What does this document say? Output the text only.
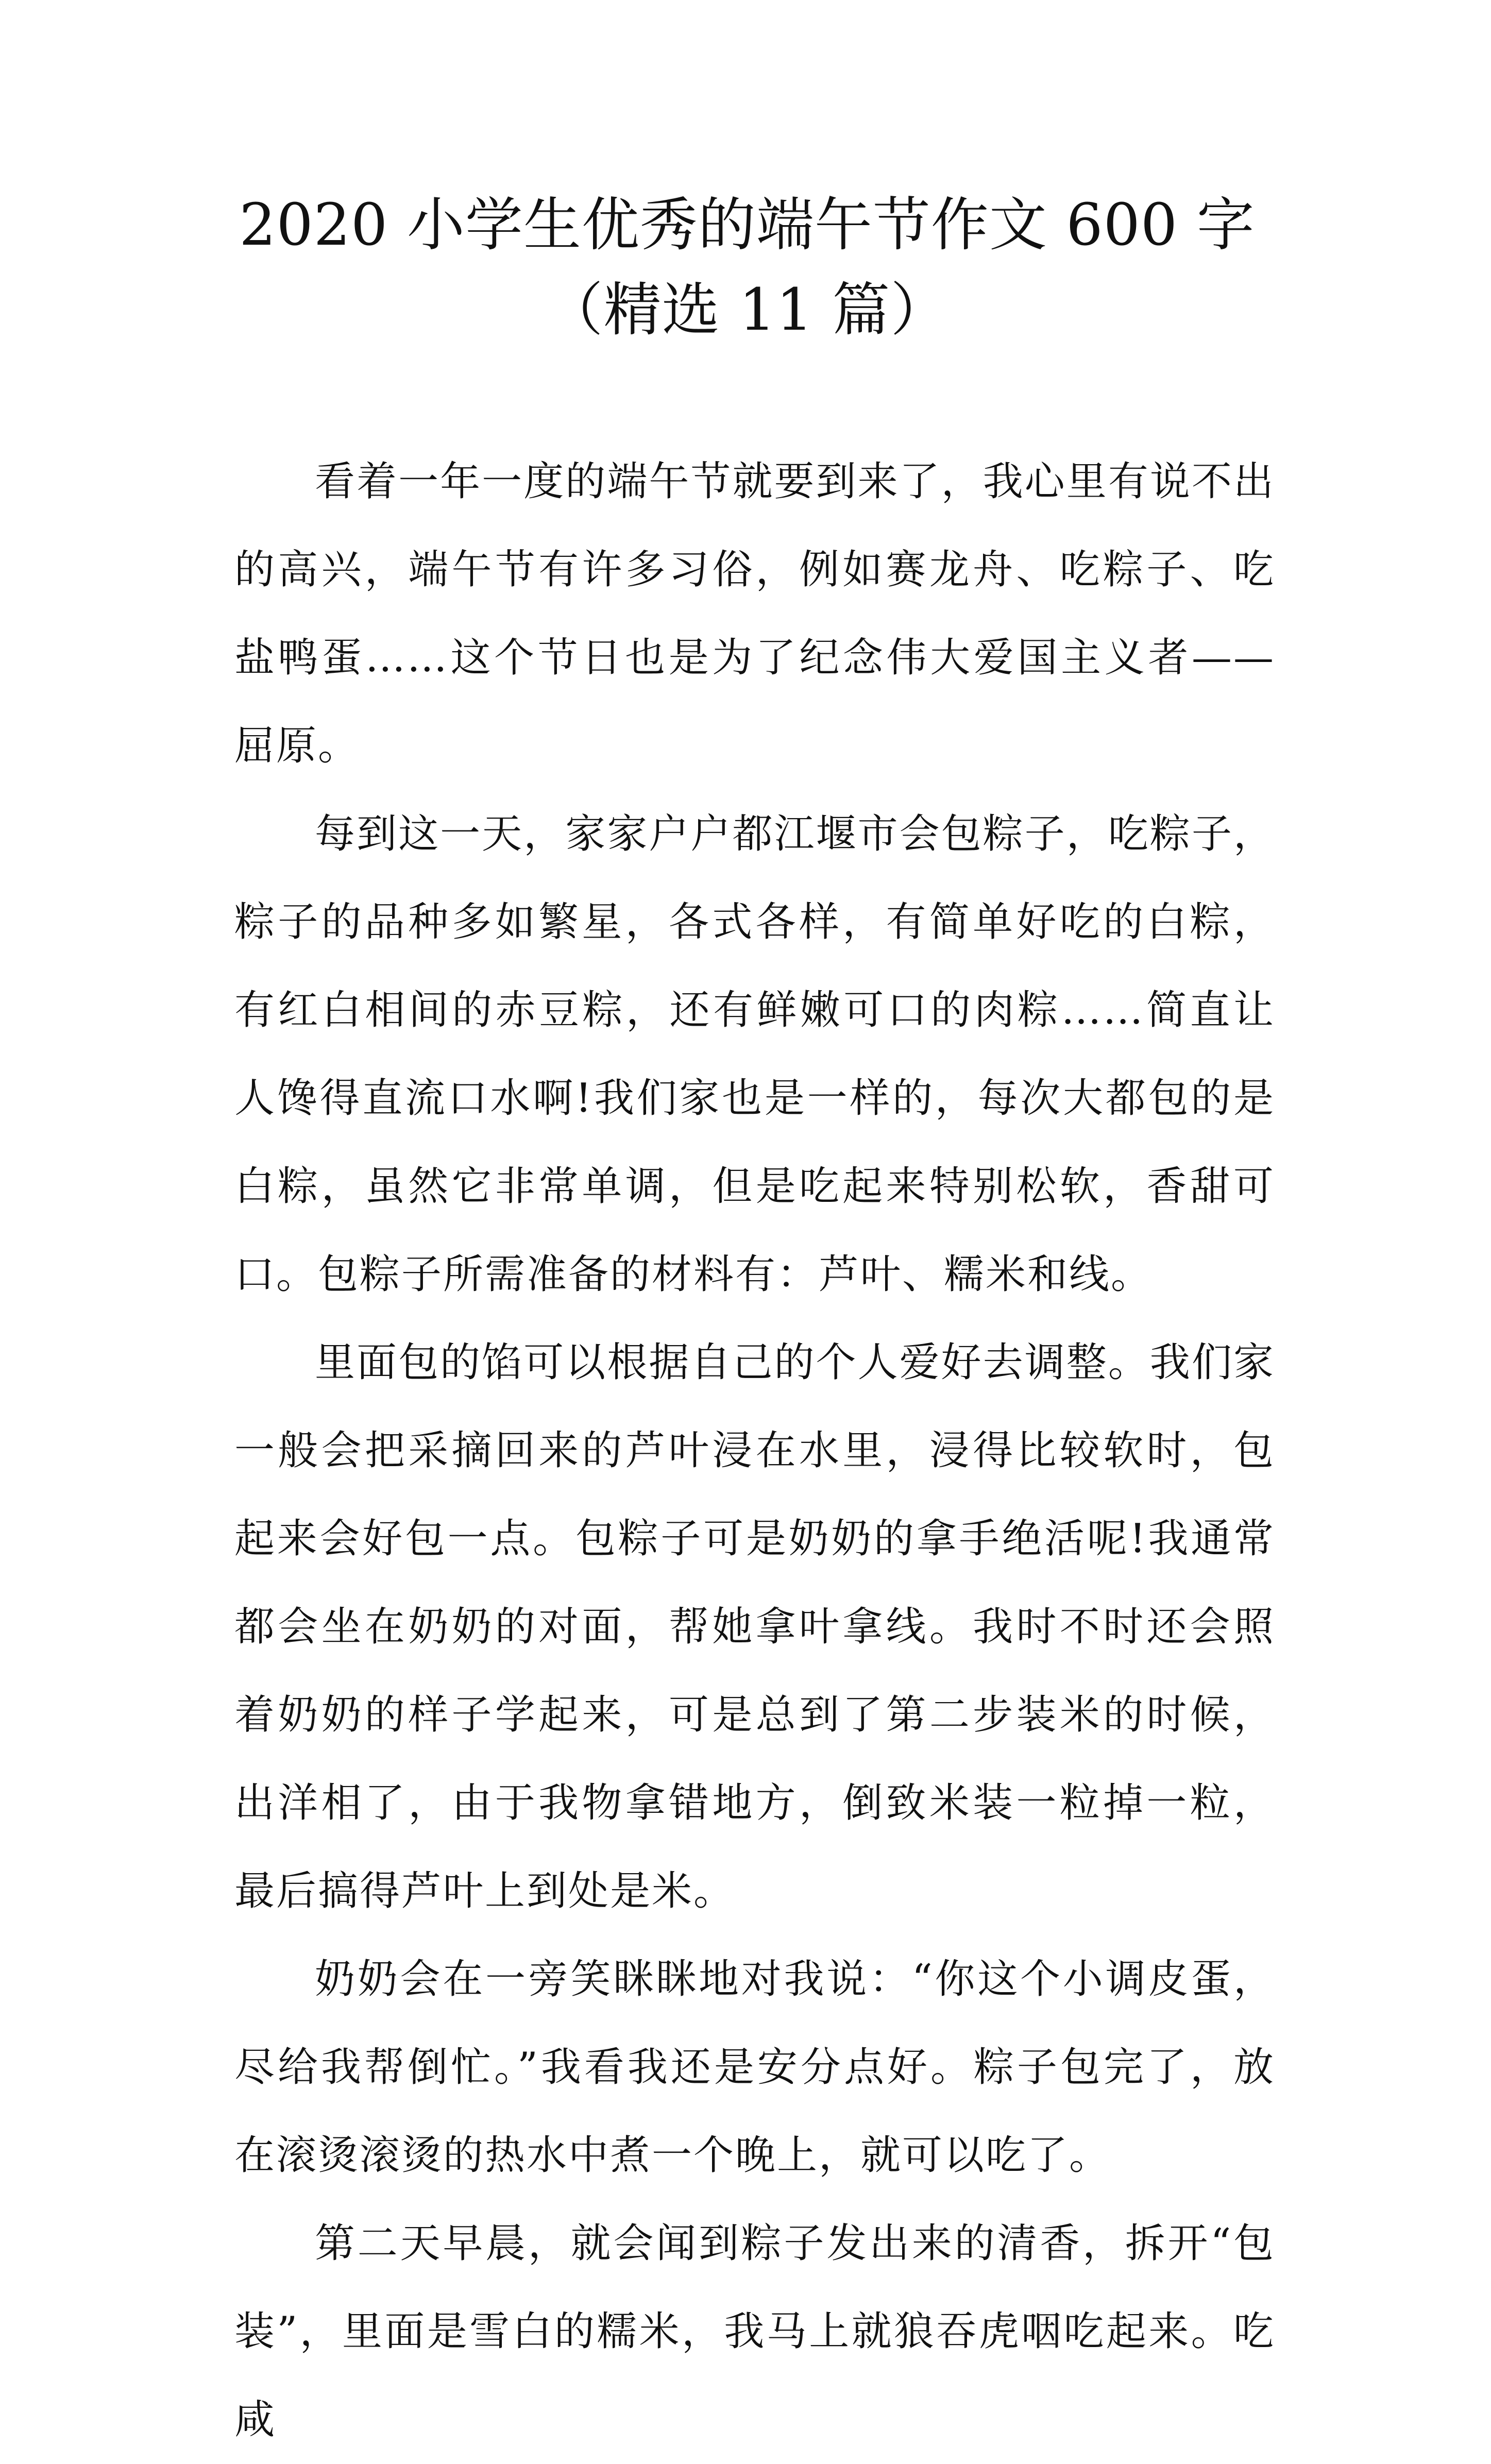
2020 小学生优秀的端午节作文 600 字（精选 11 篇）

看着一年一度的端午节就要到来了，我心里有说不出的高兴，端午节有许多习俗，例如赛龙舟、吃粽子、吃盐鸭蛋……这个节日也是为了纪念伟大爱国主义者——屈原。

每到这一天，家家户户都江堰市会包粽子，吃粽子，粽子的品种多如繁星，各式各样，有简单好吃的白粽，有红白相间的赤豆粽，还有鲜嫩可口的肉粽……简直让人馋得直流口水啊!我们家也是一样的，每次大都包的是白粽，虽然它非常单调，但是吃起来特别松软，香甜可口。包粽子所需准备的材料有：芦叶、糯米和线。

里面包的馅可以根据自己的个人爱好去调整。我们家一般会把采摘回来的芦叶浸在水里，浸得比较软时，包起来会好包一点。包粽子可是奶奶的拿手绝活呢!我通常都会坐在奶奶的对面，帮她拿叶拿线。我时不时还会照着奶奶的样子学起来，可是总到了第二步装米的时候，出洋相了，由于我物拿错地方，倒致米装一粒掉一粒，最后搞得芦叶上到处是米。

奶奶会在一旁笑眯眯地对我说：“你这个小调皮蛋，尽给我帮倒忙。”我看我还是安分点好。粽子包完了，放在滚烫滚烫的热水中煮一个晚上，就可以吃了。

第二天早晨，就会闻到粽子发出来的清香，拆开“包装”，里面是雪白的糯米，我马上就狼吞虎咽吃起来。吃咸
